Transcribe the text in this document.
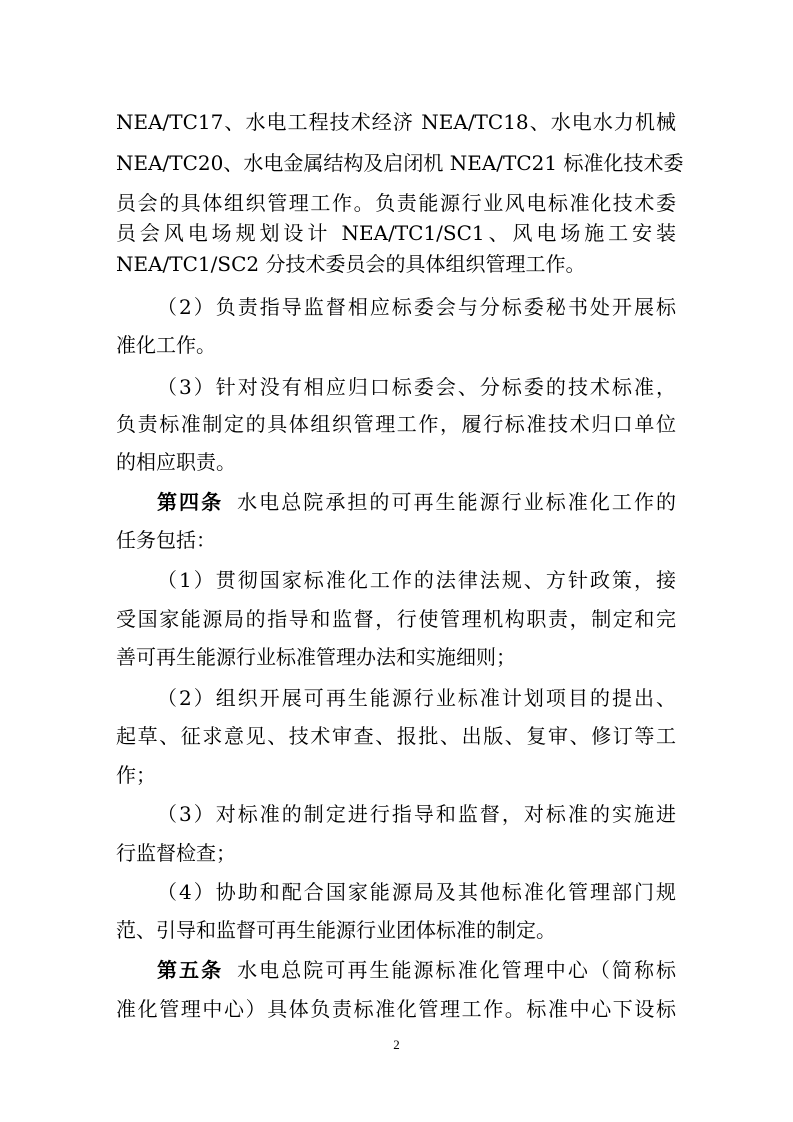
NEA/TC17、水电工程技术经济 NEA/TC18、水电水力机械
NEA/TC20、水电金属结构及启闭机 NEA/TC21 标准化技术委
员会的具体组织管理工作。负责能源行业风电标准化技术委
员会风电场规划设计 NEA/TC1/SC1、风电场施工安装
NEA/TC1/SC2 分技术委员会的具体组织管理工作。
（2）负责指导监督相应标委会与分标委秘书处开展标
准化工作。
（3）针对没有相应归口标委会、分标委的技术标准，
负责标准制定的具体组织管理工作，履行标准技术归口单位
的相应职责。
第四条 水电总院承担的可再生能源行业标准化工作的
任务包括：
（1）贯彻国家标准化工作的法律法规、方针政策，接
受国家能源局的指导和监督，行使管理机构职责，制定和完
善可再生能源行业标准管理办法和实施细则；
（2）组织开展可再生能源行业标准计划项目的提出、
起草、征求意见、技术审查、报批、出版、复审、修订等工
作；
（3）对标准的制定进行指导和监督，对标准的实施进
行监督检查；
（4）协助和配合国家能源局及其他标准化管理部门规
范、引导和监督可再生能源行业团体标准的制定。
第五条 水电总院可再生能源标准化管理中心（简称标
准化管理中心）具体负责标准化管理工作。标准中心下设标
2
